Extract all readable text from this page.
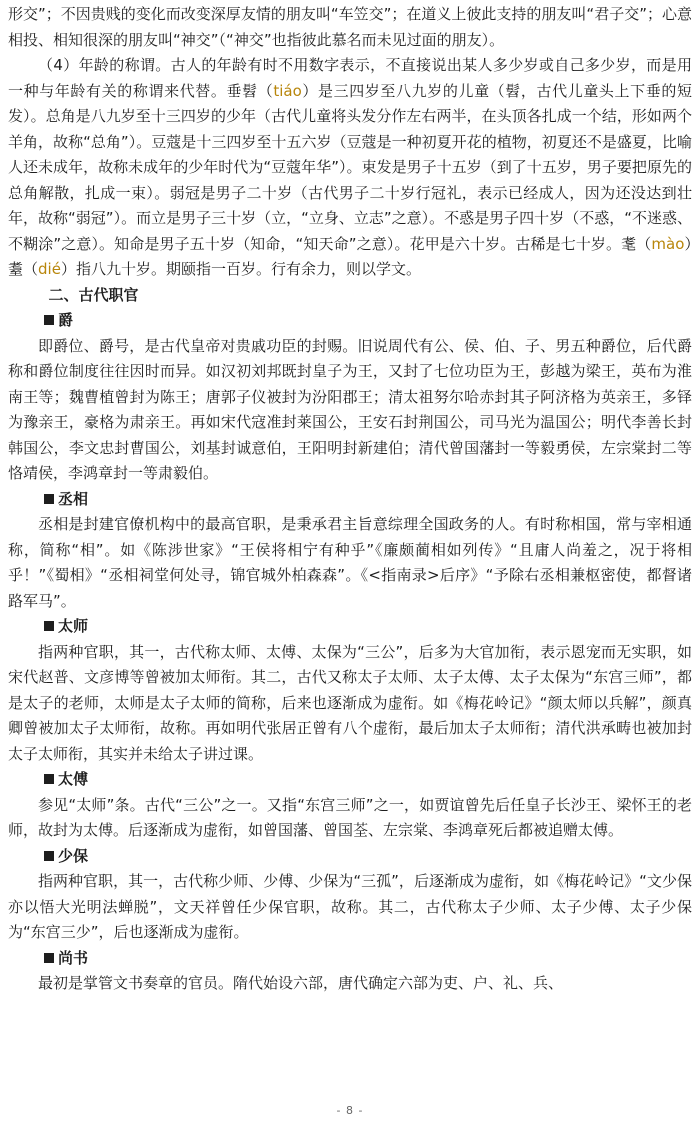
形交”；不因贵贱的变化而改变深厚友情的朋友叫“车笠交”；在道义上彼此支持的朋友叫“君子交”；心意相投、相知很深的朋友叫“神交”（“神交”也指彼此慕名而未见过面的朋友）。

（4）年龄的称谓。古人的年龄有时不用数字表示，不直接说出某人多少岁或自己多少岁，而是用一种与年龄有关的称谓来代替。垂髫（tiáo）是三四岁至八九岁的儿童（髫，古代儿童头上下垂的短发）。总角是八九岁至十三四岁的少年（古代儿童将头发分作左右两半，在头顶各扎成一个结，形如两个羊角，故称“总角”）。豆蔻是十三四岁至十五六岁（豆蔻是一种初夏开花的植物，初夏还不是盛夏，比喻人还未成年，故称未成年的少年时代为“豆蔻年华”）。束发是男子十五岁（到了十五岁，男子要把原先的总角解散，扎成一束）。弱冠是男子二十岁（古代男子二十岁行冠礼，表示已经成人，因为还没达到壮年，故称“弱冠”）。而立是男子三十岁（立，“立身、立志”之意）。不惑是男子四十岁（不惑，“不迷惑、不糊涂”之意）。知命是男子五十岁（知命，“知天命”之意）。花甲是六十岁。古稀是七十岁。耄（mào）耋（dié）指八九十岁。期颐指一百岁。行有余力，则以学文。

二、古代职官
爵

即爵位、爵号，是古代皇帝对贵戚功臣的封赐。旧说周代有公、侯、伯、子、男五种爵位，后代爵称和爵位制度往往因时而异。如汉初刘邦既封皇子为王，又封了七位功臣为王，彭越为梁王，英布为淮南王等；魏曹植曾封为陈王；唐郭子仪被封为汾阳郡王；清太祖努尔哈赤封其子阿济格为英亲王，多铎为豫亲王，豪格为肃亲王。再如宋代寇准封莱国公，王安石封荆国公，司马光为温国公；明代李善长封韩国公，李文忠封曹国公，刘基封诚意伯，王阳明封新建伯；清代曾国藩封一等毅勇侯，左宗棠封二等恪靖侯，李鸿章封一等肃毅伯。

丞相

丞相是封建官僚机构中的最高官职，是秉承君主旨意综理全国政务的人。有时称相国，常与宰相通称，简称“相”。如《陈涉世家》“王侯将相宁有种乎”《廉颇蔺相如列传》“且庸人尚羞之，况于将相乎！”《蜀相》“丞相祠堂何处寻，锦官城外柏森森”。《<指南录>后序》“予除右丞相兼枢密使，都督诸路军马”。

太师

指两种官职，其一，古代称太师、太傅、太保为“三公”，后多为大官加衔，表示恩宠而无实职，如宋代赵普、文彦博等曾被加太师衔。其二，古代又称太子太师、太子太傅、太子太保为“东宫三师”，都是太子的老师，太师是太子太师的简称，后来也逐渐成为虚衔。如《梅花岭记》“颜太师以兵解”，颜真卿曾被加太子太师衔，故称。再如明代张居正曾有八个虚衔，最后加太子太师衔；清代洪承畴也被加封太子太师衔，其实并未给太子讲过课。

太傅

参见“太师”条。古代“三公”之一。又指“东宫三师”之一，如贾谊曾先后任皇子长沙王、梁怀王的老师，故封为太傅。后逐渐成为虚衔，如曾国藩、曾国荃、左宗棠、李鸿章死后都被追赠太傅。

少保

指两种官职，其一，古代称少师、少傅、少保为“三孤”，后逐渐成为虚衔，如《梅花岭记》“文少保亦以悟大光明法蝉脱”，文天祥曾任少保官职，故称。其二，古代称太子少师、太子少傅、太子少保为“东宫三少”，后也逐渐成为虚衔。

尚书

最初是掌管文书奏章的官员。隋代始设六部，唐代确定六部为吏、户、礼、兵、

- 8 -
